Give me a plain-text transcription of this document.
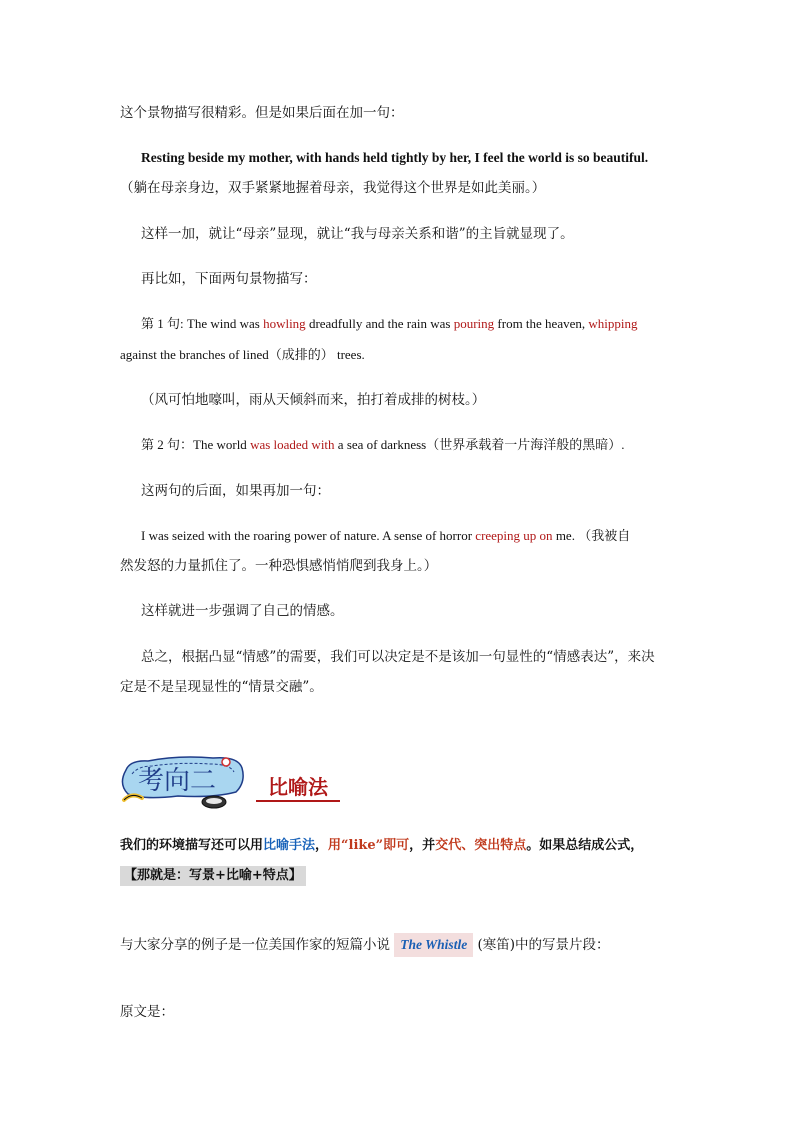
这个景物描写很精彩。但是如果后面在加一句：
Resting beside my mother, with hands held tightly by her, I feel the world is so beautiful.
（躺在母亲身边，双手紧紧地握着母亲，我觉得这个世界是如此美丽。）
这样一加，就让“母亲”显现，就让“我与母亲关系和谐”的主旨就显现了。
再比如，下面两句景物描写：
第 1 句: The wind was howling dreadfully and the rain was pouring from the heaven, whipping
against the branches of lined（成排的） trees.
（风可怕地嚎叫，雨从天倾斜而来，拍打着成排的树枝。）
第 2 句：The world was loaded with a sea of darkness（世界承载着一片海洋般的黑暗）.
这两句的后面，如果再加一句：
I was seized with the roaring power of nature. A sense of horror creeping up on me. （我被自
然发怒的力量抓住了。一种恐惧感悄悄爬到我身上。）
这样就进一步强调了自己的情感。
总之，根据凸显“情感”的需要，我们可以决定是不是该加一句显性的“情感表达”，来决
定是不是呈现显性的“情景交融”。
考向二	比喻法
我们的环境描写还可以用比喻手法，用“like”即可，并交代、突出特点。如果总结成公式，
【那就是：写景+比喻+特点】
与大家分享的例子是一位美国作家的短篇小说 The Whistle (寒笛)中的写景片段：
原文是：
